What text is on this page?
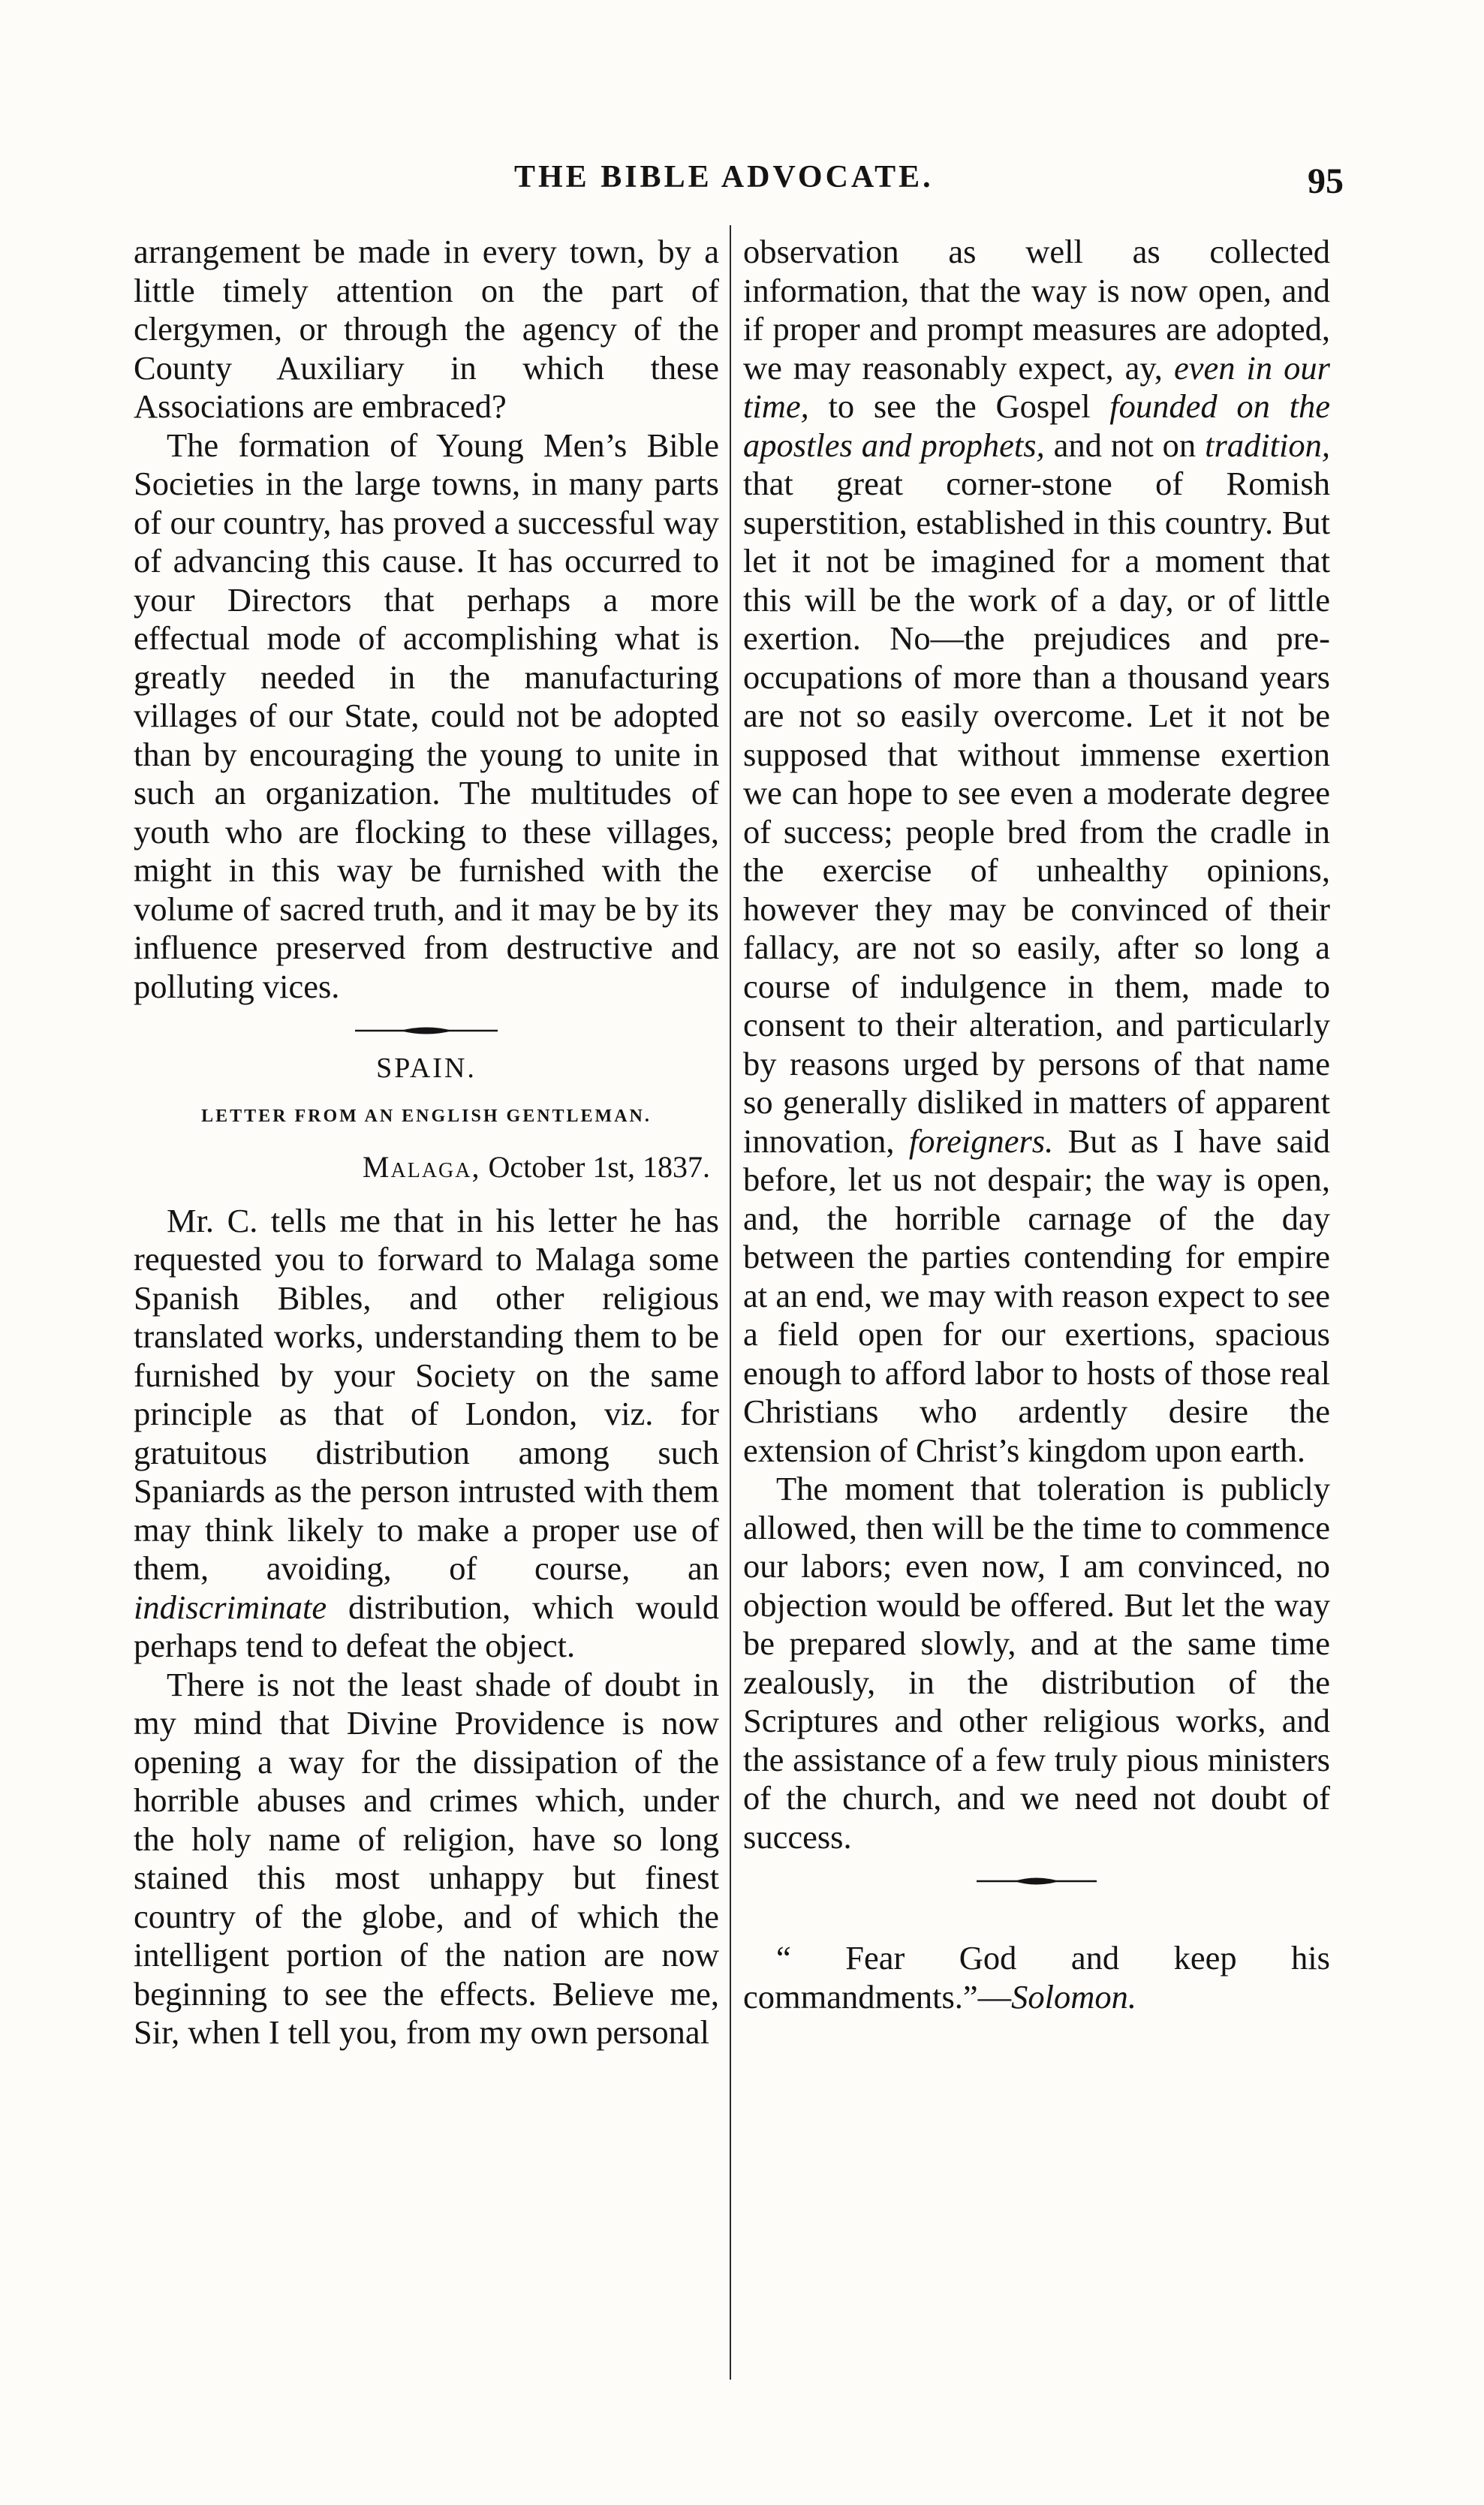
THE BIBLE ADVOCATE.	95

arrangement be made in every town, by a little timely attention on the part of clergymen, or through the agency of the County Auxiliary in which these Associations are embraced?

The formation of Young Men’s Bible Societies in the large towns, in many parts of our country, has proved a successful way of advancing this cause. It has occurred to your Directors that perhaps a more effectual mode of accomplishing what is greatly needed in the manufacturing villages of our State, could not be adopted than by encouraging the young to unite in such an organization. The multitudes of youth who are flocking to these villages, might in this way be furnished with the volume of sacred truth, and it may be by its influence preserved from destructive and polluting vices.

SPAIN.
LETTER FROM AN ENGLISH GENTLEMAN.
Malaga, October 1st, 1837.

Mr. C. tells me that in his letter he has requested you to forward to Malaga some Spanish Bibles, and other religious translated works, understanding them to be furnished by your Society on the same principle as that of London, viz. for gratuitous distribution among such Spaniards as the person intrusted with them may think likely to make a proper use of them, avoiding, of course, an indiscriminate distribution, which would perhaps tend to defeat the object.

There is not the least shade of doubt in my mind that Divine Providence is now opening a way for the dissipation of the horrible abuses and crimes which, under the holy name of religion, have so long stained this most unhappy but finest country of the globe, and of which the intelligent portion of the nation are now beginning to see the effects. Believe me, Sir, when I tell you, from my own personal

observation as well as collected information, that the way is now open, and if proper and prompt measures are adopted, we may reasonably expect, ay, even in our time, to see the Gospel founded on the apostles and prophets, and not on tradition, that great corner-stone of Romish superstition, established in this country. But let it not be imagined for a moment that this will be the work of a day, or of little exertion. No—the prejudices and pre-occupations of more than a thousand years are not so easily overcome. Let it not be supposed that without immense exertion we can hope to see even a moderate degree of success; people bred from the cradle in the exercise of unhealthy opinions, however they may be convinced of their fallacy, are not so easily, after so long a course of indulgence in them, made to consent to their alteration, and particularly by reasons urged by persons of that name so generally disliked in matters of apparent innovation, foreigners. But as I have said before, let us not despair; the way is open, and, the horrible carnage of the day between the parties contending for empire at an end, we may with reason expect to see a field open for our exertions, spacious enough to afford labor to hosts of those real Christians who ardently desire the extension of Christ’s kingdom upon earth.

The moment that toleration is publicly allowed, then will be the time to commence our labors; even now, I am convinced, no objection would be offered. But let the way be prepared slowly, and at the same time zealously, in the distribution of the Scriptures and other religious works, and the assistance of a few truly pious ministers of the church, and we need not doubt of success.

“ Fear God and keep his commandments.”—Solomon.
